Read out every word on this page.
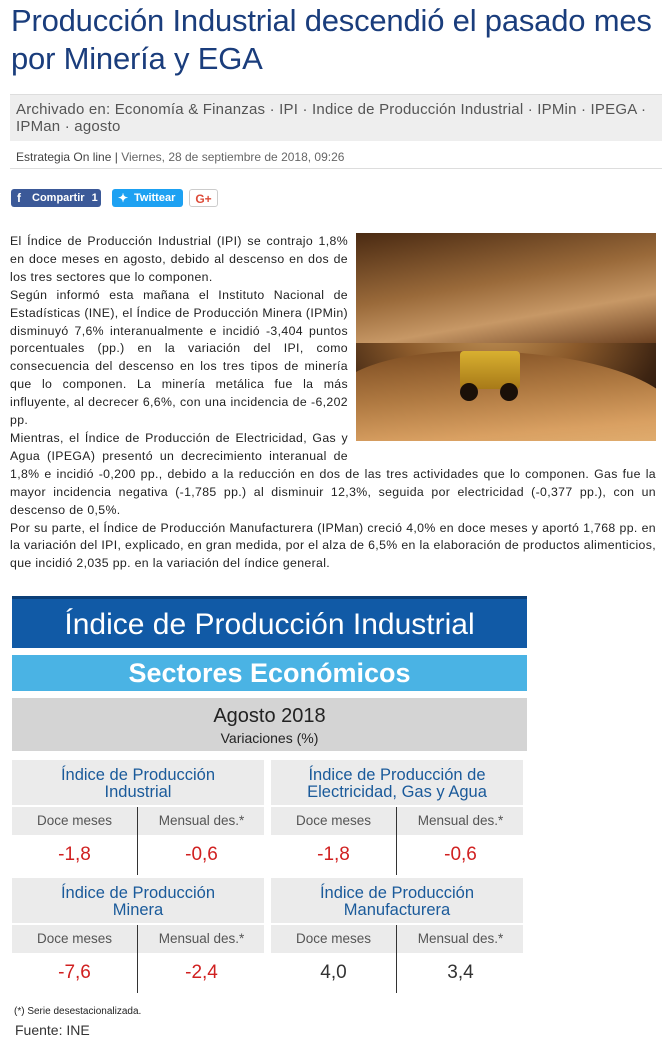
Producción Industrial descendió el pasado mes por Minería y EGA
Archivado en: Economía & Finanzas · IPI · Indice de Producción Industrial · IPMin · IPEGA · IPMan · agosto
Estrategia On line | Viernes, 28 de septiembre de 2018, 09:26
f Compartir 1 ✦ Twittear	G+

El Índice de Producción Industrial (IPI) se contrajo 1,8% en doce meses en agosto, debido al descenso en dos de los tres sectores que lo componen.

Según informó esta mañana el Instituto Nacional de Estadísticas (INE), el Índice de Producción Minera (IPMin) disminuyó 7,6% interanualmente e incidió -3,404 puntos porcentuales (pp.) en la variación del IPI, como consecuencia del descenso en los tres tipos de minería que lo componen. La minería metálica fue la más influyente, al decrecer 6,6%, con una incidencia de -6,202 pp.

Mientras, el Índice de Producción de Electricidad, Gas y Agua (IPEGA) presentó un decrecimiento interanual de 1,8% e incidió -0,200 pp., debido a la reducción en dos de las tres actividades que lo componen. Gas fue la mayor incidencia negativa (-1,785 pp.) al disminuir 12,3%, seguida por electricidad (-0,377 pp.), con un descenso de 0,5%.

Por su parte, el Índice de Producción Manufacturera (IPMan) creció 4,0% en doce meses y aportó 1,768 pp. en la variación del IPI, explicado, en gran medida, por el alza de 6,5% en la elaboración de productos alimenticios, que incidió 2,035 pp. en la variación del índice general.

Índice de Producción Industrial
Sectores Económicos
Agosto 2018
Variaciones (%)
Índice de Producción
Industrial
Doce meses	Mensual des.*
-1,8	-0,6
Índice de Producción de
Electricidad, Gas y Agua
Doce meses	Mensual des.*
-1,8	-0,6
Índice de Producción
Minera
Doce meses	Mensual des.*
-7,6	-2,4
Índice de Producción
Manufacturera
Doce meses	Mensual des.*
4,0	3,4
(*) Serie desestacionalizada.
Fuente: INE
